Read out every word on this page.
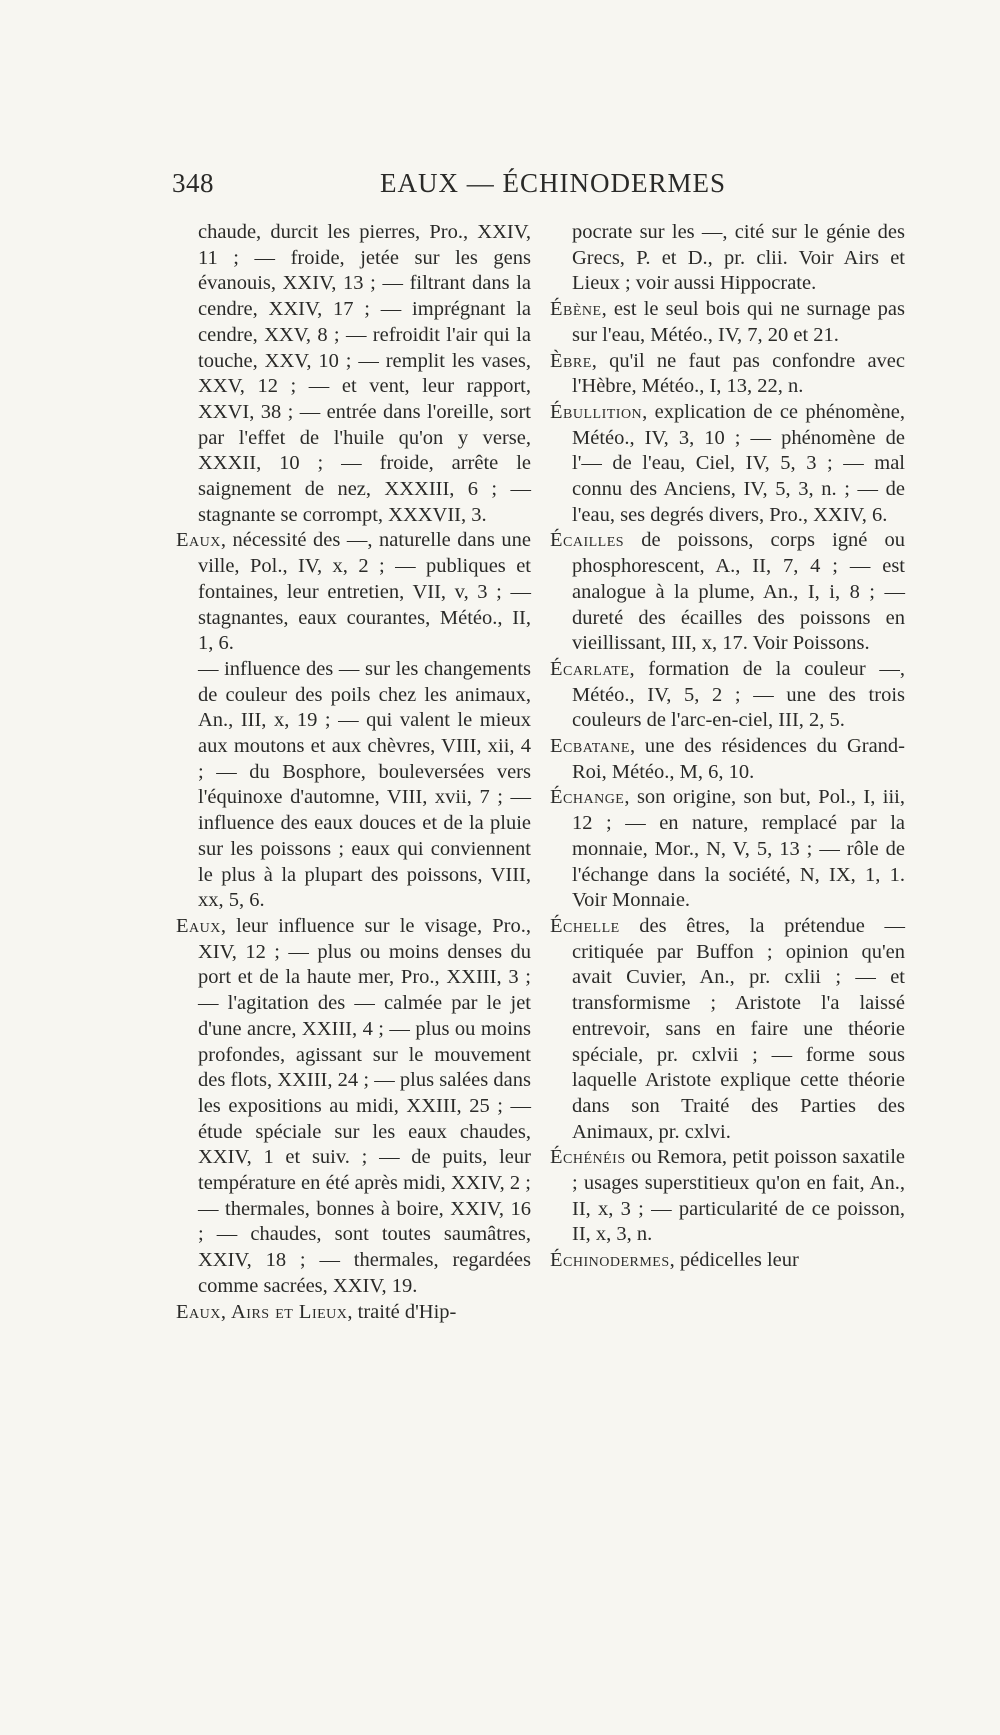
348	EAUX — ÉCHINODERMES

chaude, durcit les pierres, Pro., XXIV, 11 ; — froide, jetée sur les gens évanouis, XXIV, 13 ; — filtrant dans la cendre, XXIV, 17 ; — imprégnant la cendre, XXV, 8 ; — refroidit l'air qui la touche, XXV, 10 ; — remplit les vases, XXV, 12 ; — et vent, leur rapport, XXVI, 38 ; — entrée dans l'oreille, sort par l'effet de l'huile qu'on y verse, XXXII, 10 ; — froide, arrête le saignement de nez, XXXIII, 6 ; — stagnante se corrompt, XXXVII, 3.

Eaux, nécessité des —, naturelle dans une ville, Pol., IV, x, 2 ; — publiques et fontaines, leur entretien, VII, v, 3 ; — stagnantes, eaux courantes, Météo., II, 1, 6.

— influence des — sur les changements de couleur des poils chez les animaux, An., III, x, 19 ; — qui valent le mieux aux moutons et aux chèvres, VIII, xii, 4 ; — du Bosphore, bouleversées vers l'équinoxe d'automne, VIII, xvii, 7 ; — influence des eaux douces et de la pluie sur les poissons ; eaux qui conviennent le plus à la plupart des poissons, VIII, xx, 5, 6.

Eaux, leur influence sur le visage, Pro., XIV, 12 ; — plus ou moins denses du port et de la haute mer, Pro., XXIII, 3 ; — l'agitation des — calmée par le jet d'une ancre, XXIII, 4 ; — plus ou moins profondes, agissant sur le mouvement des flots, XXIII, 24 ; — plus salées dans les expositions au midi, XXIII, 25 ; — étude spéciale sur les eaux chaudes, XXIV, 1 et suiv. ; — de puits, leur température en été après midi, XXIV, 2 ; — thermales, bonnes à boire, XXIV, 16 ; — chaudes, sont toutes saumâtres, XXIV, 18 ; — thermales, regardées comme sacrées, XXIV, 19.

Eaux, Airs et Lieux, traité d'Hip-

pocrate sur les —, cité sur le génie des Grecs, P. et D., pr. clii. Voir Airs et Lieux ; voir aussi Hippocrate.

Ébène, est le seul bois qui ne surnage pas sur l'eau, Météo., IV, 7, 20 et 21.

Èbre, qu'il ne faut pas confondre avec l'Hèbre, Météo., I, 13, 22, n.

Ébullition, explication de ce phénomène, Météo., IV, 3, 10 ; — phénomène de l'— de l'eau, Ciel, IV, 5, 3 ; — mal connu des Anciens, IV, 5, 3, n. ; — de l'eau, ses degrés divers, Pro., XXIV, 6.

Écailles de poissons, corps igné ou phosphorescent, A., II, 7, 4 ; — est analogue à la plume, An., I, i, 8 ; — dureté des écailles des poissons en vieillissant, III, x, 17. Voir Poissons.

Écarlate, formation de la couleur —, Météo., IV, 5, 2 ; — une des trois couleurs de l'arc-en-ciel, III, 2, 5.

Ecbatane, une des résidences du Grand-Roi, Météo., M, 6, 10.

Échange, son origine, son but, Pol., I, iii, 12 ; — en nature, remplacé par la monnaie, Mor., N, V, 5, 13 ; — rôle de l'échange dans la société, N, IX, 1, 1. Voir Monnaie.

Échelle des êtres, la prétendue — critiquée par Buffon ; opinion qu'en avait Cuvier, An., pr. cxlii ; — et transformisme ; Aristote l'a laissé entrevoir, sans en faire une théorie spéciale, pr. cxlvii ; — forme sous laquelle Aristote explique cette théorie dans son Traité des Parties des Animaux, pr. cxlvi.

Échénéis ou Remora, petit poisson saxatile ; usages superstitieux qu'on en fait, An., II, x, 3 ; — particularité de ce poisson, II, x, 3, n.

Échinodermes, pédicelles leur
